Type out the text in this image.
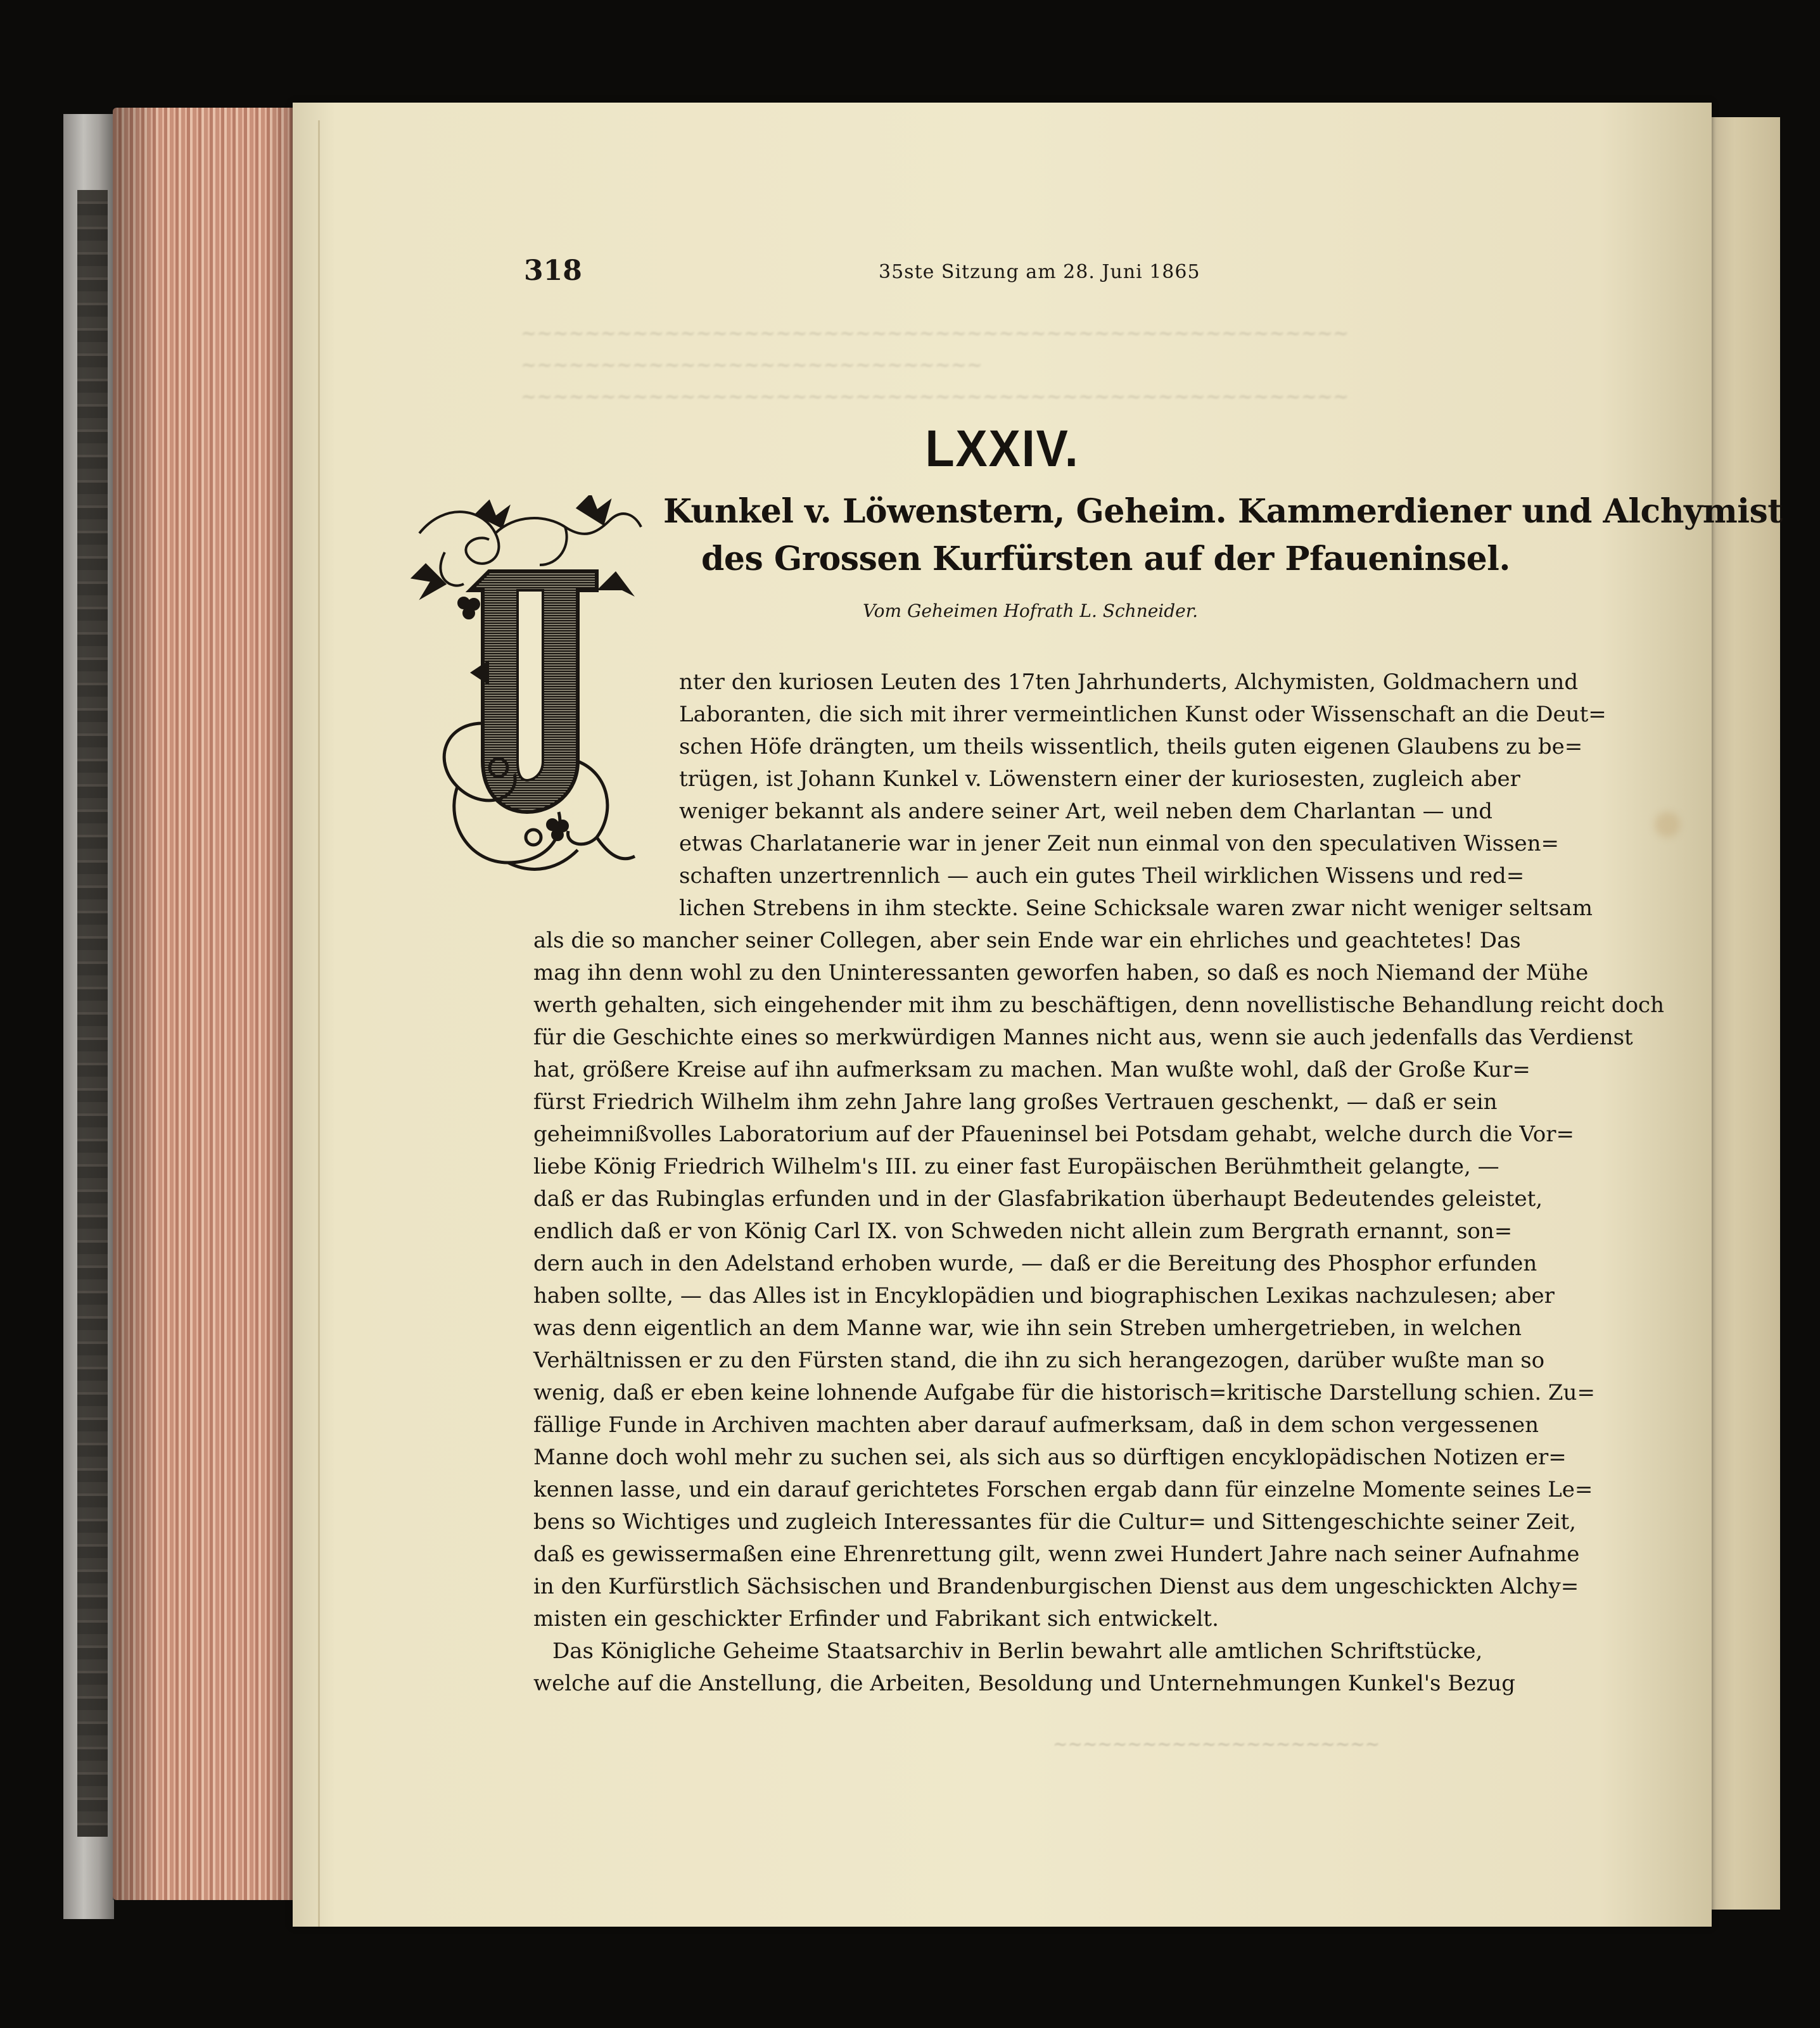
~~~~~~~~~~~~~~~~~~~~~~~~~~~~~~~~~~~~~~~~~~~~~~~~~~~~
~~~~~~~~~~~~~~~~~~~~~~~~~~~~~
~~~~~~~~~~~~~~~~~~~~~~~~~~~~~~~~~~~~~~~~~~~~~~~~~~~~
318	35ste Sitzung am 28. Juni 1865
LXXIV.
Kunkel v. Löwenstern, Geheim. Kammerdiener und Alchymist
des Grossen Kurfürsten auf der Pfaueninsel.
Vom Geheimen Hofrath L. Schneider.
nter den kuriosen Leuten des 17ten Jahrhunderts, Alchymisten, Goldmachern und
Laboranten, die sich mit ihrer vermeintlichen Kunst oder Wissenschaft an die Deut=
schen Höfe drängten, um theils wissentlich, theils guten eigenen Glaubens zu be=
trügen, ist Johann Kunkel v. Löwenstern einer der kuriosesten, zugleich aber
weniger bekannt als andere seiner Art, weil neben dem Charlantan — und
etwas Charlatanerie war in jener Zeit nun einmal von den speculativen Wissen=
schaften unzertrennlich — auch ein gutes Theil wirklichen Wissens und red=
lichen Strebens in ihm steckte. Seine Schicksale waren zwar nicht weniger seltsam
als die so mancher seiner Collegen, aber sein Ende war ein ehrliches und geachtetes! Das
mag ihn denn wohl zu den Uninteressanten geworfen haben, so daß es noch Niemand der Mühe
werth gehalten, sich eingehender mit ihm zu beschäftigen, denn novellistische Behandlung reicht doch
für die Geschichte eines so merkwürdigen Mannes nicht aus, wenn sie auch jedenfalls das Verdienst
hat, größere Kreise auf ihn aufmerksam zu machen. Man wußte wohl, daß der Große Kur=
fürst Friedrich Wilhelm ihm zehn Jahre lang großes Vertrauen geschenkt, — daß er sein
geheimnißvolles Laboratorium auf der Pfaueninsel bei Potsdam gehabt, welche durch die Vor=
liebe König Friedrich Wilhelm's III. zu einer fast Europäischen Berühmtheit gelangte, —
daß er das Rubinglas erfunden und in der Glasfabrikation überhaupt Bedeutendes geleistet,
endlich daß er von König Carl IX. von Schweden nicht allein zum Bergrath ernannt, son=
dern auch in den Adelstand erhoben wurde, — daß er die Bereitung des Phosphor erfunden
haben sollte, — das Alles ist in Encyklopädien und biographischen Lexikas nachzulesen; aber
was denn eigentlich an dem Manne war, wie ihn sein Streben umhergetrieben, in welchen
Verhältnissen er zu den Fürsten stand, die ihn zu sich herangezogen, darüber wußte man so
wenig, daß er eben keine lohnende Aufgabe für die historisch=kritische Darstellung schien. Zu=
fällige Funde in Archiven machten aber darauf aufmerksam, daß in dem schon vergessenen
Manne doch wohl mehr zu suchen sei, als sich aus so dürftigen encyklopädischen Notizen er=
kennen lasse, und ein darauf gerichtetes Forschen ergab dann für einzelne Momente seines Le=
bens so Wichtiges und zugleich Interessantes für die Cultur= und Sittengeschichte seiner Zeit,
daß es gewissermaßen eine Ehrenrettung gilt, wenn zwei Hundert Jahre nach seiner Aufnahme
in den Kurfürstlich Sächsischen und Brandenburgischen Dienst aus dem ungeschickten Alchy=
misten ein geschickter Erfinder und Fabrikant sich entwickelt.
Das Königliche Geheime Staatsarchiv in Berlin bewahrt alle amtlichen Schriftstücke,
welche auf die Anstellung, die Arbeiten, Besoldung und Unternehmungen Kunkel's Bezug
~~~~~~~~~~~~~~~~~~~~~~
